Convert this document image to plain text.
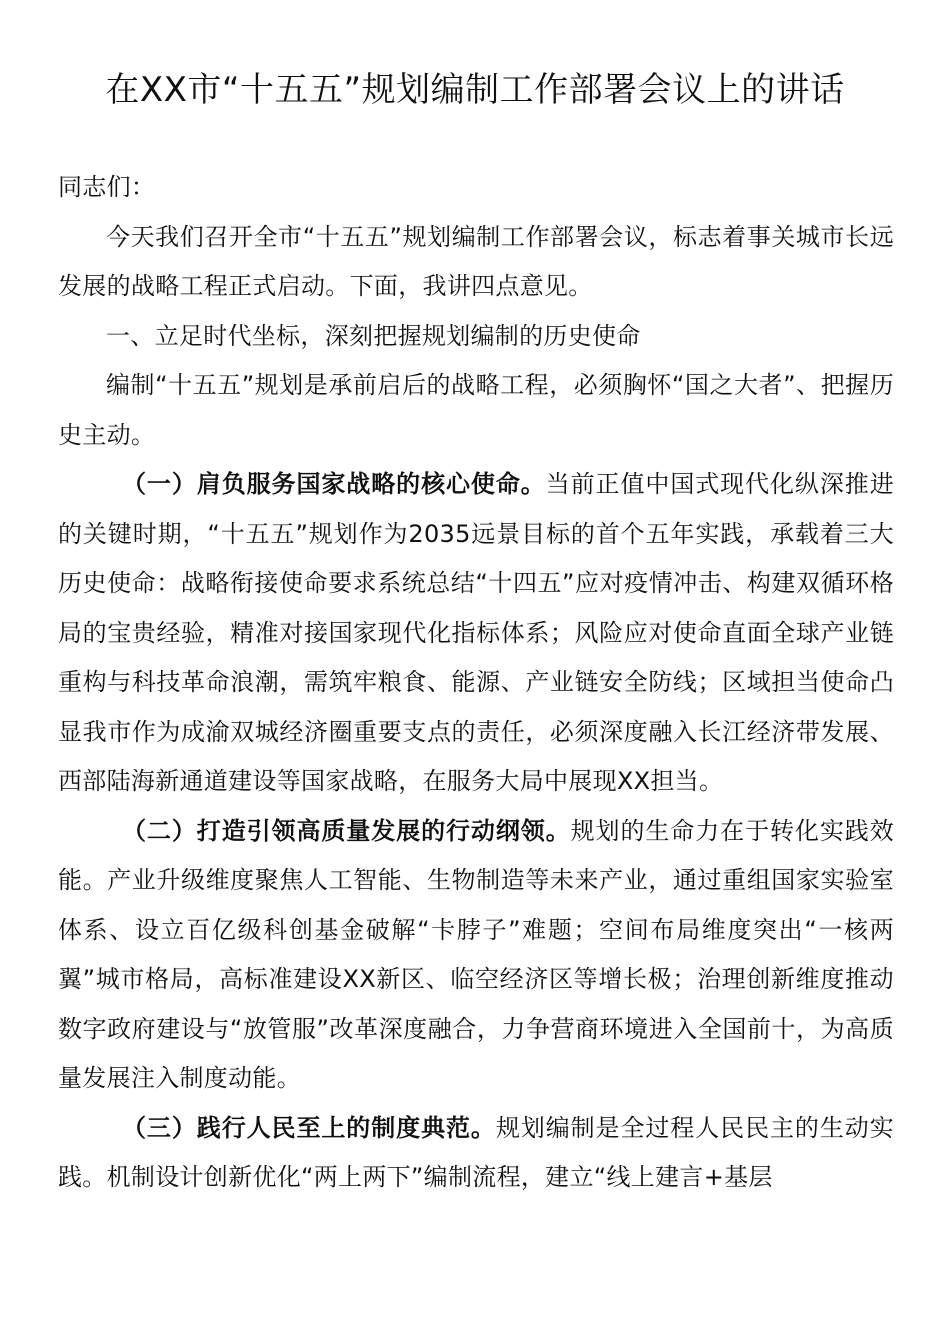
在XX市“十五五”规划编制工作部署会议上的讲话

同志们：

今天我们召开全市“十五五”规划编制工作部署会议，标志着事关城市长远发展的战略工程正式启动。下面，我讲四点意见。

一、立足时代坐标，深刻把握规划编制的历史使命

编制“十五五”规划是承前启后的战略工程，必须胸怀“国之大者”、把握历史主动。

（一）肩负服务国家战略的核心使命。当前正值中国式现代化纵深推进的关键时期，“十五五”规划作为2035远景目标的首个五年实践，承载着三大历史使命：战略衔接使命要求系统总结“十四五”应对疫情冲击、构建双循环格局的宝贵经验，精准对接国家现代化指标体系；风险应对使命直面全球产业链重构与科技革命浪潮，需筑牢粮食、能源、产业链安全防线；区域担当使命凸显我市作为成渝双城经济圈重要支点的责任，必须深度融入长江经济带发展、西部陆海新通道建设等国家战略，在服务大局中展现XX担当。

（二）打造引领高质量发展的行动纲领。规划的生命力在于转化实践效能。产业升级维度聚焦人工智能、生物制造等未来产业，通过重组国家实验室体系、设立百亿级科创基金破解“卡脖子”难题；空间布局维度突出“一核两翼”城市格局，高标准建设XX新区、临空经济区等增长极；治理创新维度推动数字政府建设与“放管服”改革深度融合，力争营商环境进入全国前十，为高质量发展注入制度动能。

（三）践行人民至上的制度典范。规划编制是全过程人民民主的生动实践。机制设计创新优化“两上两下”编制流程，建立“线上建言+基层
